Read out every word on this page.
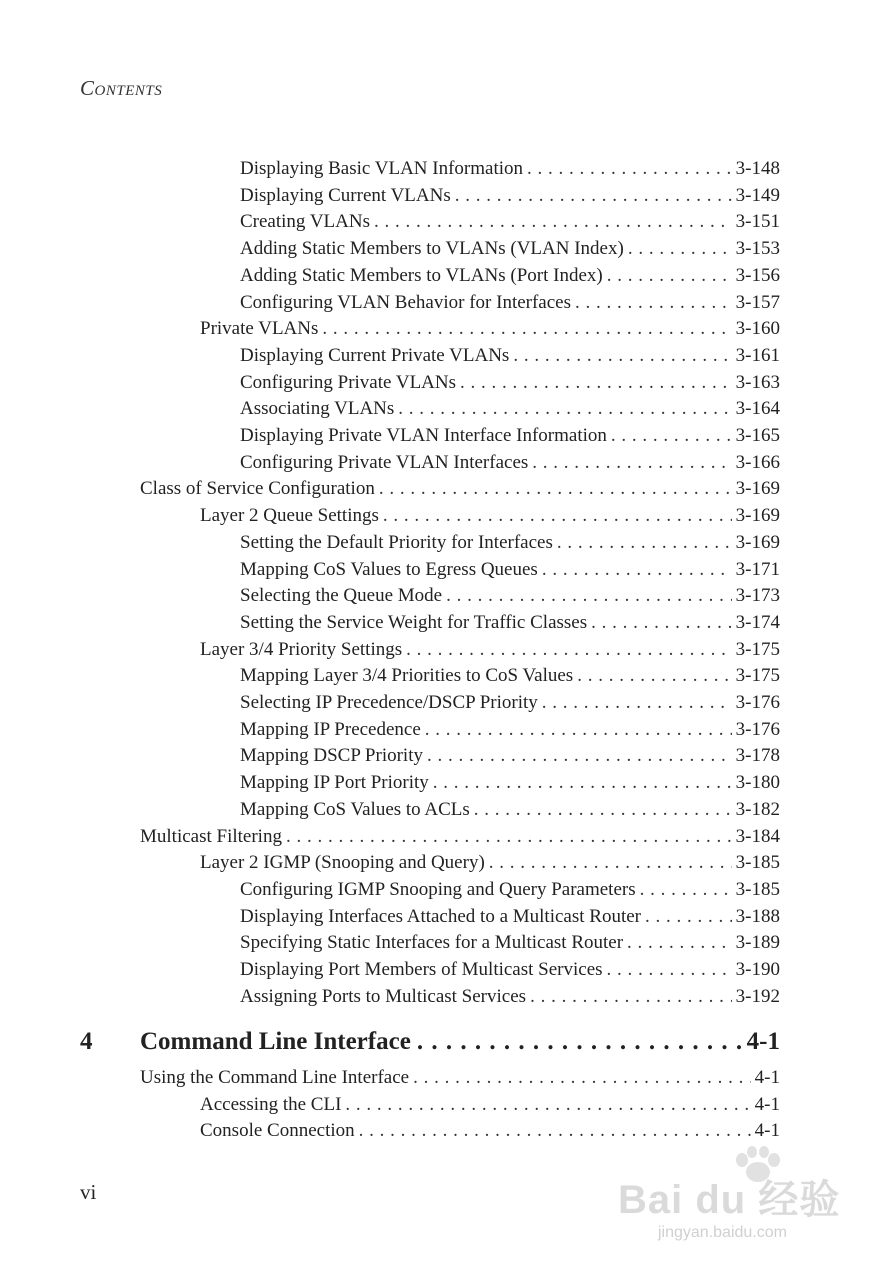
CONTENTS
Displaying Basic VLAN Information . . .	3-148
Displaying Current VLANs . . .	3-149
Creating VLANs . . .	3-151
Adding Static Members to VLANs (VLAN Index) . . .	3-153
Adding Static Members to VLANs (Port Index) . . .	3-156
Configuring VLAN Behavior for Interfaces . . .	3-157
Private VLANs . . .	3-160
Displaying Current Private VLANs . . .	3-161
Configuring Private VLANs . . .	3-163
Associating VLANs . . .	3-164
Displaying Private VLAN Interface Information . . .	3-165
Configuring Private VLAN Interfaces . . .	3-166
Class of Service Configuration . . .	3-169
Layer 2 Queue Settings . . .	3-169
Setting the Default Priority for Interfaces . . .	3-169
Mapping CoS Values to Egress Queues . . .	3-171
Selecting the Queue Mode . . .	3-173
Setting the Service Weight for Traffic Classes . . .	3-174
Layer 3/4 Priority Settings . . .	3-175
Mapping Layer 3/4 Priorities to CoS Values . . .	3-175
Selecting IP Precedence/DSCP Priority . . .	3-176
Mapping IP Precedence . . .	3-176
Mapping DSCP Priority . . .	3-178
Mapping IP Port Priority . . .	3-180
Mapping CoS Values to ACLs . . .	3-182
Multicast Filtering . . .	3-184
Layer 2 IGMP (Snooping and Query) . . .	3-185
Configuring IGMP Snooping and Query Parameters . . .	3-185
Displaying Interfaces Attached to a Multicast Router . . .	3-188
Specifying Static Interfaces for a Multicast Router . . .	3-189
Displaying Port Members of Multicast Services . . .	3-190
Assigning Ports to Multicast Services . . .	3-192
4	Command Line Interface . . .	4-1
Using the Command Line Interface . . .	4-1
Accessing the CLI . . .	4-1
Console Connection . . .	4-1
vi	Bai du 经验
jingyan.baidu.com
